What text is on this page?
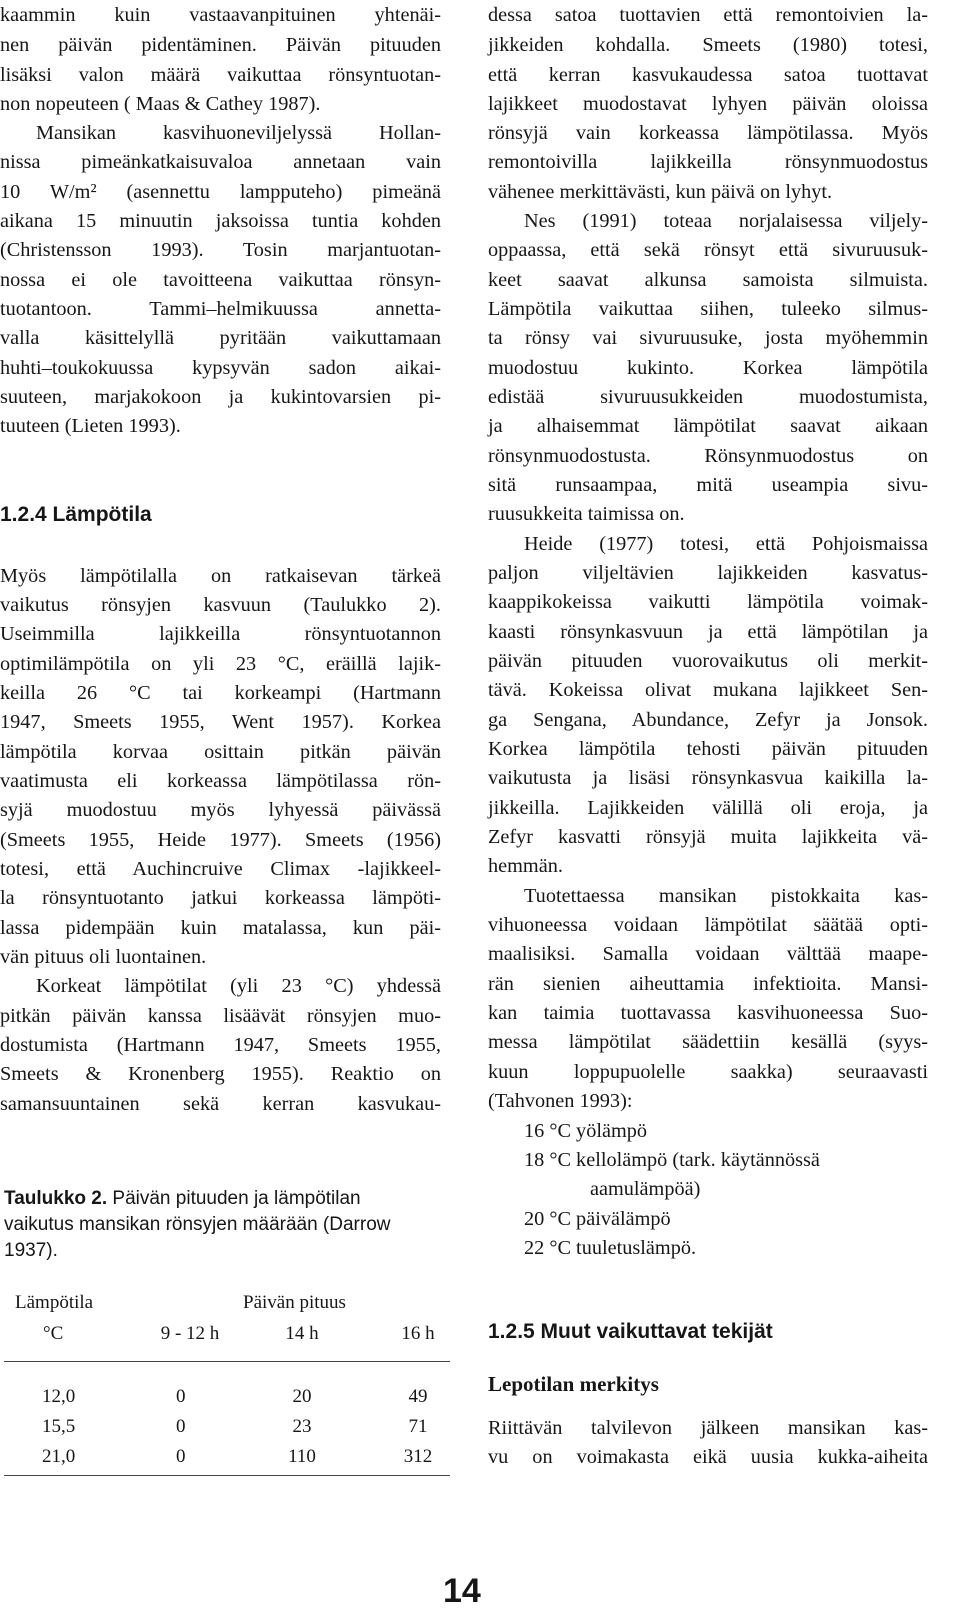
kaammin kuin vastaavanpituinen yhtenäi-
nen päivän pidentäminen. Päivän pituuden
lisäksi valon määrä vaikuttaa rönsyntuotan-
non nopeuteen ( Maas & Cathey 1987).
Mansikan kasvihuoneviljelyssä Hollan-
nissa pimeänkatkaisuvaloa annetaan vain
10 W/m² (asennettu lampputeho) pimeänä
aikana 15 minuutin jaksoissa tuntia kohden
(Christensson 1993). Tosin marjantuotan-
nossa ei ole tavoitteena vaikuttaa rönsyn-
tuotantoon. Tammi–helmikuussa annetta-
valla käsittelyllä pyritään vaikuttamaan
huhti–toukokuussa kypsyvän sadon aikai-
suuteen, marjakokoon ja kukintovarsien pi-
tuuteen (Lieten 1993).
1.2.4 Lämpötila
Myös lämpötilalla on ratkaisevan tärkeä
vaikutus rönsyjen kasvuun (Taulukko 2).
Useimmilla lajikkeilla rönsyntuotannon
optimilämpötila on yli 23 °C, eräillä lajik-
keilla 26 °C tai korkeampi (Hartmann
1947, Smeets 1955, Went 1957). Korkea
lämpötila korvaa osittain pitkän päivän
vaatimusta eli korkeassa lämpötilassa rön-
syjä muodostuu myös lyhyessä päivässä
(Smeets 1955, Heide 1977). Smeets (1956)
totesi, että Auchincruive Climax -lajikkeel-
la rönsyntuotanto jatkui korkeassa lämpöti-
lassa pidempään kuin matalassa, kun päi-
vän pituus oli luontainen.
Korkeat lämpötilat (yli 23 °C) yhdessä
pitkän päivän kanssa lisäävät rönsyjen muo-
dostumista (Hartmann 1947, Smeets 1955,
Smeets & Kronenberg 1955). Reaktio on
samansuuntainen sekä kerran kasvukau-
Taulukko 2. Päivän pituuden ja lämpötilan
vaikutus mansikan rönsyjen määrään (Darrow
1937).
Lämpötila	Päivän pituus
°C	9 - 12 h	14 h	16 h
12,0	0	20	49
15,5	0	23	71
21,0	0	110	312
dessa satoa tuottavien että remontoivien la-
jikkeiden kohdalla. Smeets (1980) totesi,
että kerran kasvukaudessa satoa tuottavat
lajikkeet muodostavat lyhyen päivän oloissa
rönsyjä vain korkeassa lämpötilassa. Myös
remontoivilla lajikkeilla rönsynmuodostus
vähenee merkittävästi, kun päivä on lyhyt.
Nes (1991) toteaa norjalaisessa viljely-
oppaassa, että sekä rönsyt että sivuruusuk-
keet saavat alkunsa samoista silmuista.
Lämpötila vaikuttaa siihen, tuleeko silmus-
ta rönsy vai sivuruusuke, josta myöhemmin
muodostuu kukinto. Korkea lämpötila
edistää sivuruusukkeiden muodostumista,
ja alhaisemmat lämpötilat saavat aikaan
rönsynmuodostusta. Rönsynmuodostus on
sitä runsaampaa, mitä useampia sivu-
ruusukkeita taimissa on.
Heide (1977) totesi, että Pohjoismaissa
paljon viljeltävien lajikkeiden kasvatus-
kaappikokeissa vaikutti lämpötila voimak-
kaasti rönsynkasvuun ja että lämpötilan ja
päivän pituuden vuorovaikutus oli merkit-
tävä. Kokeissa olivat mukana lajikkeet Sen-
ga Sengana, Abundance, Zefyr ja Jonsok.
Korkea lämpötila tehosti päivän pituuden
vaikutusta ja lisäsi rönsynkasvua kaikilla la-
jikkeilla. Lajikkeiden välillä oli eroja, ja
Zefyr kasvatti rönsyjä muita lajikkeita vä-
hemmän.
Tuotettaessa mansikan pistokkaita kas-
vihuoneessa voidaan lämpötilat säätää opti-
maalisiksi. Samalla voidaan välttää maape-
rän sienien aiheuttamia infektioita. Mansi-
kan taimia tuottavassa kasvihuoneessa Suo-
messa lämpötilat säädettiin kesällä (syys-
kuun loppupuolelle saakka) seuraavasti
(Tahvonen 1993):
16 °C yölämpö
18 °C kellolämpö (tark. käytännössä
aamulämpöä)
20 °C päivälämpö
22 °C tuuletuslämpö.
1.2.5 Muut vaikuttavat tekijät
Lepotilan merkitys
Riittävän talvilevon jälkeen mansikan kas-
vu on voimakasta eikä uusia kukka-aiheita
14
